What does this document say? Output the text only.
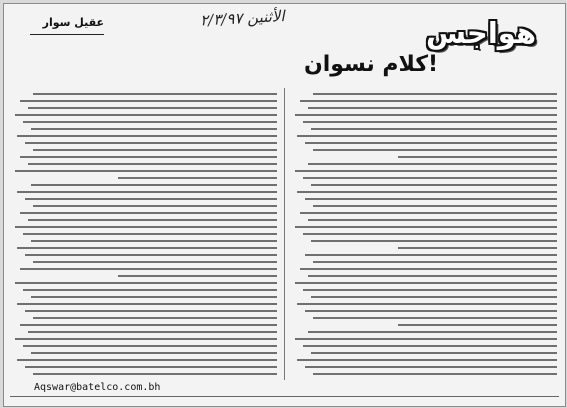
عقيل سوار	الأثنين ٢/٣/٩٧	هواجس
كلام نسوان!
Aqswar@batelco.com.bh
